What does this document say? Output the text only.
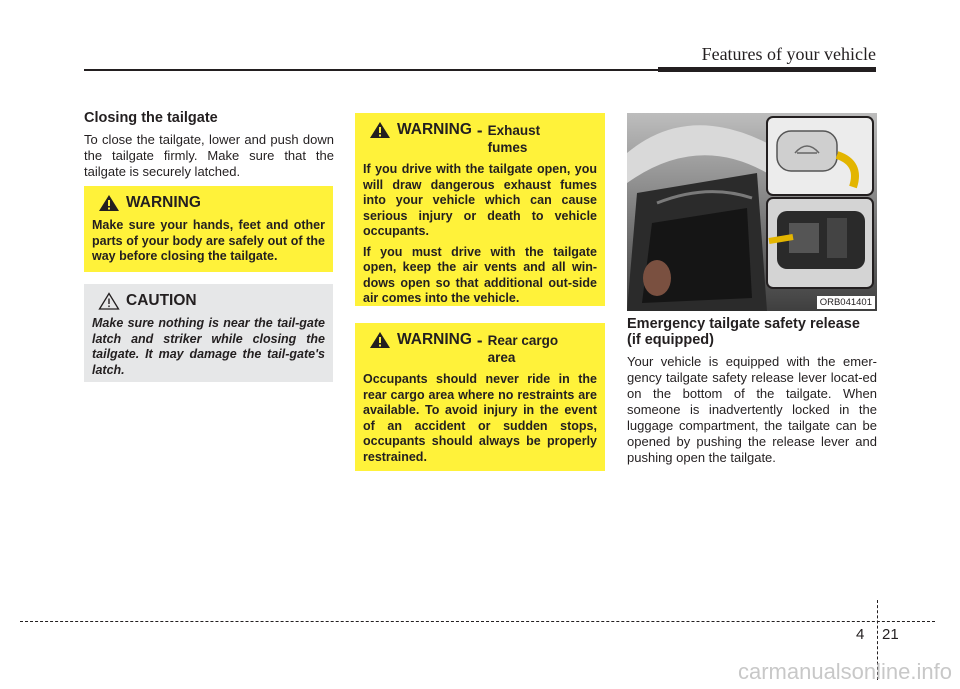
Features of your vehicle
Closing the tailgate

To close the tailgate, lower and push down the tailgate firmly. Make sure that the tailgate is securely latched.

WARNING
Make sure your hands, feet and other parts of your body are safely out of the way before closing the tailgate.
CAUTION
Make sure nothing is near the tail-gate latch and striker while closing the tailgate. It may damage the tail-gate's latch.
WARNING - Exhaust fumes

If you drive with the tailgate open, you will draw dangerous exhaust fumes into your vehicle which can cause serious injury or death to vehicle occupants.

If you must drive with the tailgate open, keep the air vents and all win-dows open so that additional out-side air comes into the vehicle.

WARNING - Rear cargo area
Occupants should never ride in the rear cargo area where no restraints are available. To avoid injury in the event of an accident or sudden stops, occupants should always be properly restrained.
ORB041401
Emergency tailgate safety release (if equipped)

Your vehicle is equipped with the emer-gency tailgate safety release lever locat-ed on the bottom of the tailgate. When someone is inadvertently locked in the luggage compartment, the tailgate can be opened by pushing the release lever and pushing open the tailgate.

4 21
carmanualsonline.info
